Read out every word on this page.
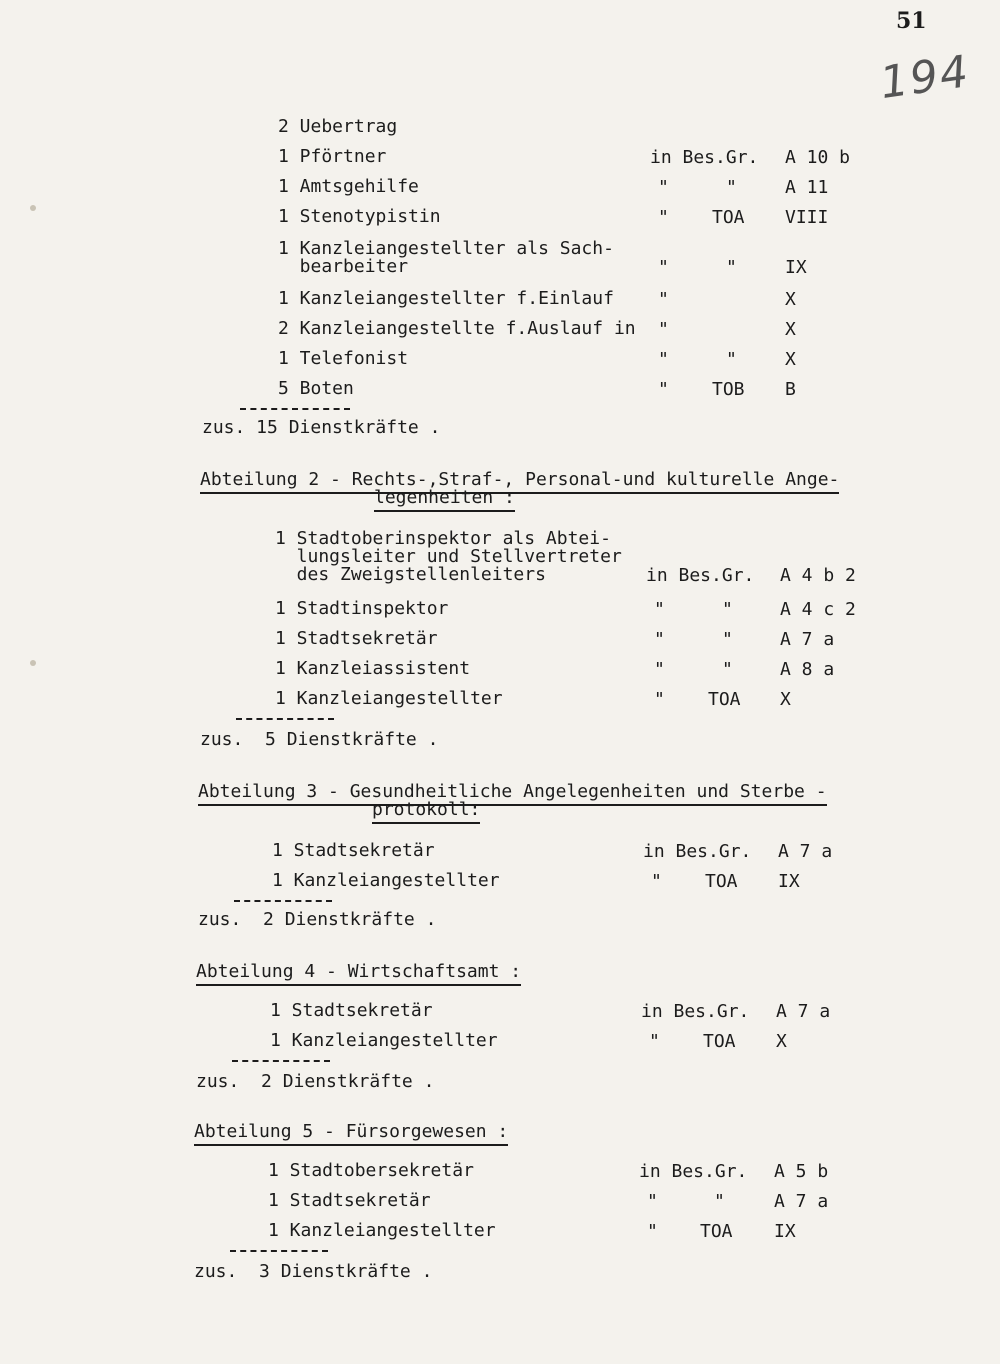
51
194
2 Uebertrag
1 Pförtner	in Bes.Gr. A 10 b
1 Amtsgehilfe	"	"	A 11
1 Stenotypistin	" TOA VIII
1 Kanzleiangestellter als Sach-
bearbeiter	"	"	IX
1 Kanzleiangestellter f.Einlauf "	X
2 Kanzleiangestellte f.Auslauf in "	X
1 Telefonist	"	"	X
5 Boten	" TOB B
zus. 15 Dienstkräfte .
Abteilung 2 - Rechts-,Straf-, Personal-und kulturelle Ange-
legenheiten :
1 Stadtoberinspektor als Abtei-
lungsleiter und Stellvertreter
des Zweigstellenleiters	in Bes.Gr. A 4 b 2
1 Stadtinspektor	"	"	A 4 c 2
1 Stadtsekretär	"	"	A 7 a
1 Kanzleiassistent	"	"	A 8 a
1 Kanzleiangestellter	" TOA X
zus.  5 Dienstkräfte .
Abteilung 3 - Gesundheitliche Angelegenheiten und Sterbe -
protokoll:
1 Stadtsekretär	in Bes.Gr. A 7 a
1 Kanzleiangestellter	" TOA IX
zus.  2 Dienstkräfte .
Abteilung 4 - Wirtschaftsamt :
1 Stadtsekretär	in Bes.Gr. A 7 a
1 Kanzleiangestellter	" TOA X
zus.  2 Dienstkräfte .
Abteilung 5 - Fürsorgewesen :
1 Stadtobersekretär	in Bes.Gr. A 5 b
1 Stadtsekretär	"	"	A 7 a
1 Kanzleiangestellter	" TOA IX
zus.  3 Dienstkräfte .
